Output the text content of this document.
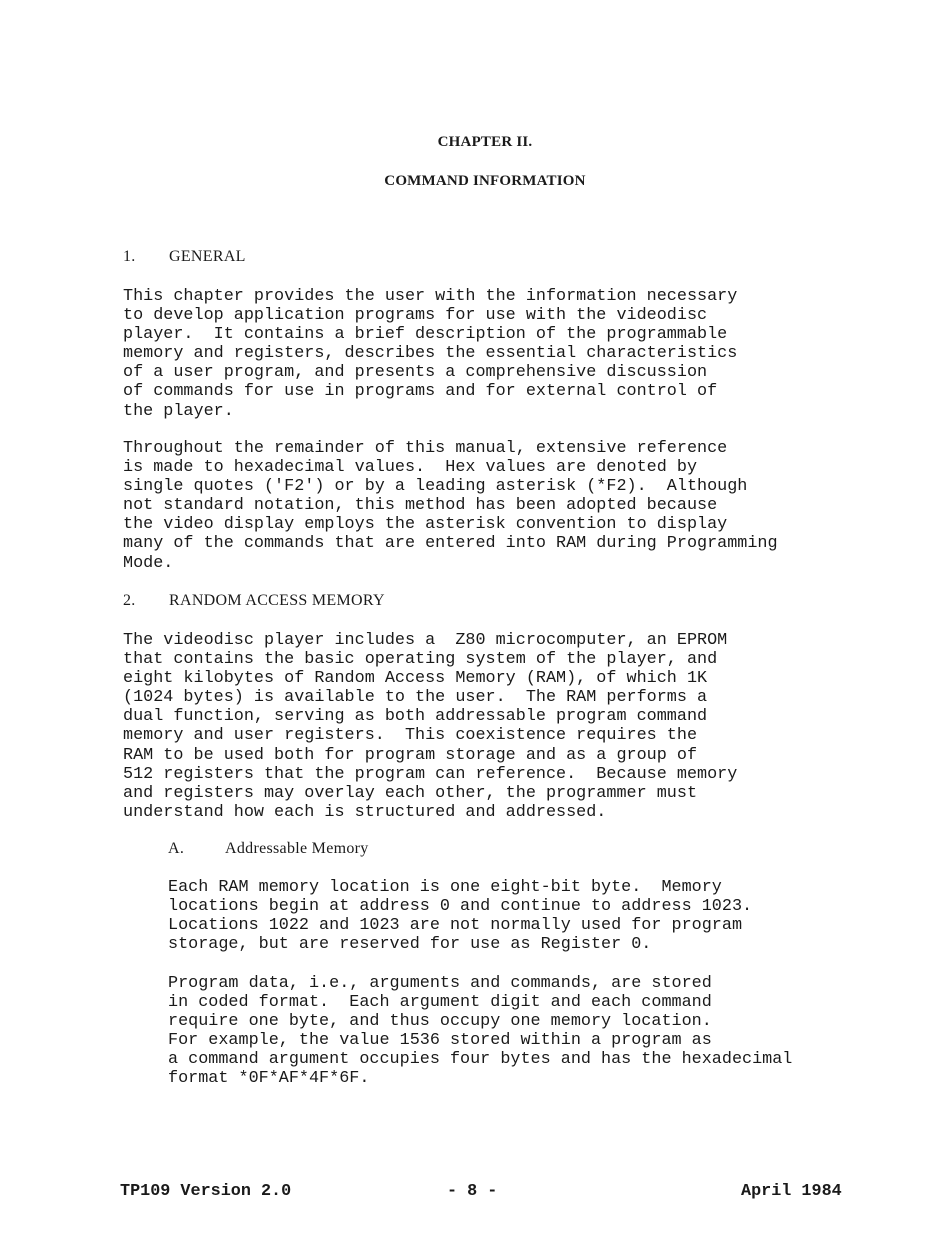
CHAPTER II.
COMMAND INFORMATION
1. GENERAL

This chapter provides the user with the information necessary
to develop application programs for use with the videodisc
player.  It contains a brief description of the programmable
memory and registers, describes the essential characteristics
of a user program, and presents a comprehensive discussion
of commands for use in programs and for external control of
the player.

Throughout the remainder of this manual, extensive reference
is made to hexadecimal values.  Hex values are denoted by
single quotes ('F2') or by a leading asterisk (*F2).  Although
not standard notation, this method has been adopted because
the video display employs the asterisk convention to display
many of the commands that are entered into RAM during Programming
Mode.

2. RANDOM ACCESS MEMORY

The videodisc player includes a  Z80 microcomputer, an EPROM
that contains the basic operating system of the player, and
eight kilobytes of Random Access Memory (RAM), of which 1K
(1024 bytes) is available to the user.  The RAM performs a
dual function, serving as both addressable program command
memory and user registers.  This coexistence requires the
RAM to be used both for program storage and as a group of
512 registers that the program can reference.  Because memory
and registers may overlay each other, the programmer must
understand how each is structured and addressed.

A.	Addressable Memory

Each RAM memory location is one eight-bit byte.  Memory
locations begin at address 0 and continue to address 1023.
Locations 1022 and 1023 are not normally used for program
storage, but are reserved for use as Register 0.

Program data, i.e., arguments and commands, are stored
in coded format.  Each argument digit and each command
require one byte, and thus occupy one memory location.
For example, the value 1536 stored within a program as
a command argument occupies four bytes and has the hexadecimal
format *0F*AF*4F*6F.

TP109 Version 2.0	- 8 -	April 1984
